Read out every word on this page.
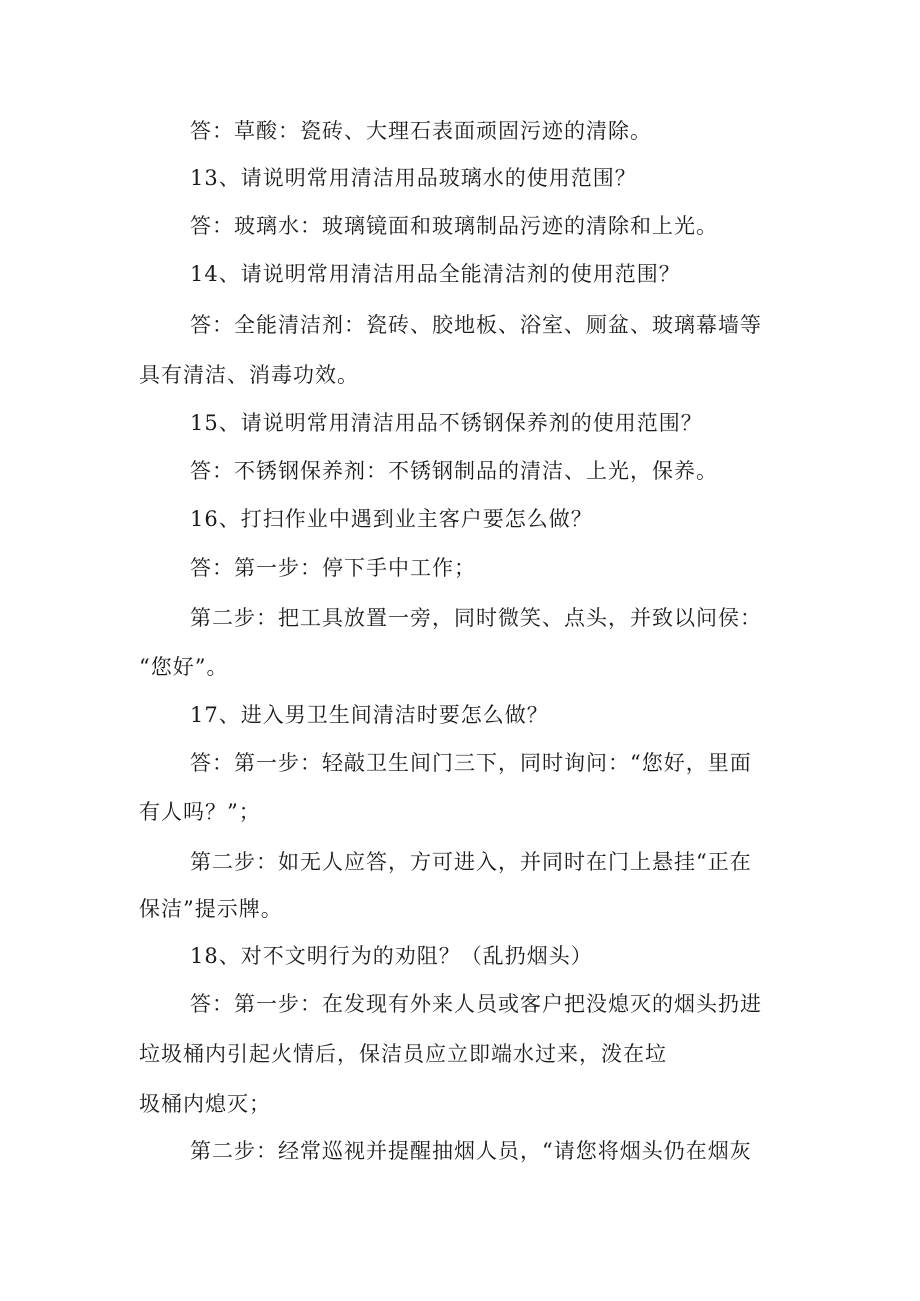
答：草酸：瓷砖、大理石表面顽固污迹的清除。
13、请说明常用清洁用品玻璃水的使用范围？
答：玻璃水：玻璃镜面和玻璃制品污迹的清除和上光。
14、请说明常用清洁用品全能清洁剂的使用范围？
答：全能清洁剂：瓷砖、胶地板、浴室、厕盆、玻璃幕墙等
具有清洁、消毒功效。
15、请说明常用清洁用品不锈钢保养剂的使用范围？
答：不锈钢保养剂：不锈钢制品的清洁、上光，保养。
16、打扫作业中遇到业主客户要怎么做？
答：第一步：停下手中工作；
第二步：把工具放置一旁，同时微笑、点头，并致以问侯：
“您好”。
17、进入男卫生间清洁时要怎么做？
答：第一步：轻敲卫生间门三下，同时询问：“您好，里面
有人吗？”；
第二步：如无人应答，方可进入，并同时在门上悬挂“正在
保洁”提示牌。
18、对不文明行为的劝阻？（乱扔烟头）
答：第一步：在发现有外来人员或客户把没熄灭的烟头扔进
垃圾桶内引起火情后，保洁员应立即端水过来，泼在垃
圾桶内熄灭；
第二步：经常巡视并提醒抽烟人员，“请您将烟头仍在烟灰
